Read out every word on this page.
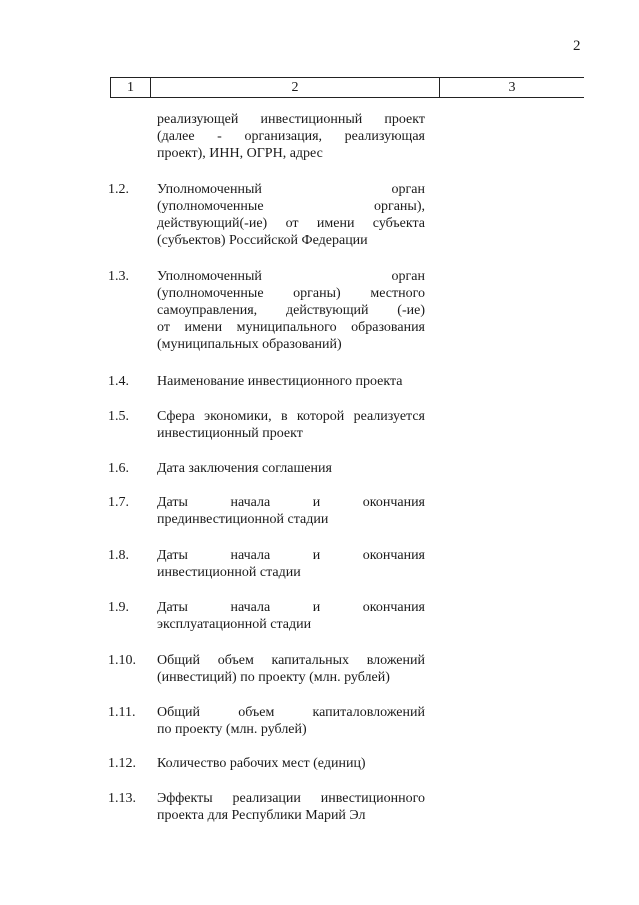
2
1	2	3
реализующей инвестиционный проект
(далее - организация, реализующая
проект), ИНН, ОГРН, адрес
1.2.	Уполномоченный орган
(уполномоченные органы),
действующий(-ие) от имени субъекта
(субъектов) Российской Федерации
1.3.	Уполномоченный орган
(уполномоченные органы) местного
самоуправления, действующий (-ие)
от имени муниципального образования
(муниципальных образований)
1.4.	Наименование инвестиционного проекта
1.5.	Сфера экономики, в которой реализуется
инвестиционный проект
1.6.	Дата заключения соглашения
1.7.	Даты начала и окончания
прединвестиционной стадии
1.8.	Даты начала и окончания
инвестиционной стадии
1.9.	Даты начала и окончания
эксплуатационной стадии
1.10.	Общий объем капитальных вложений
(инвестиций) по проекту (млн. рублей)
1.11.	Общий объем капиталовложений
по проекту (млн. рублей)
1.12.	Количество рабочих мест (единиц)
1.13.	Эффекты реализации инвестиционного
проекта для Республики Марий Эл
